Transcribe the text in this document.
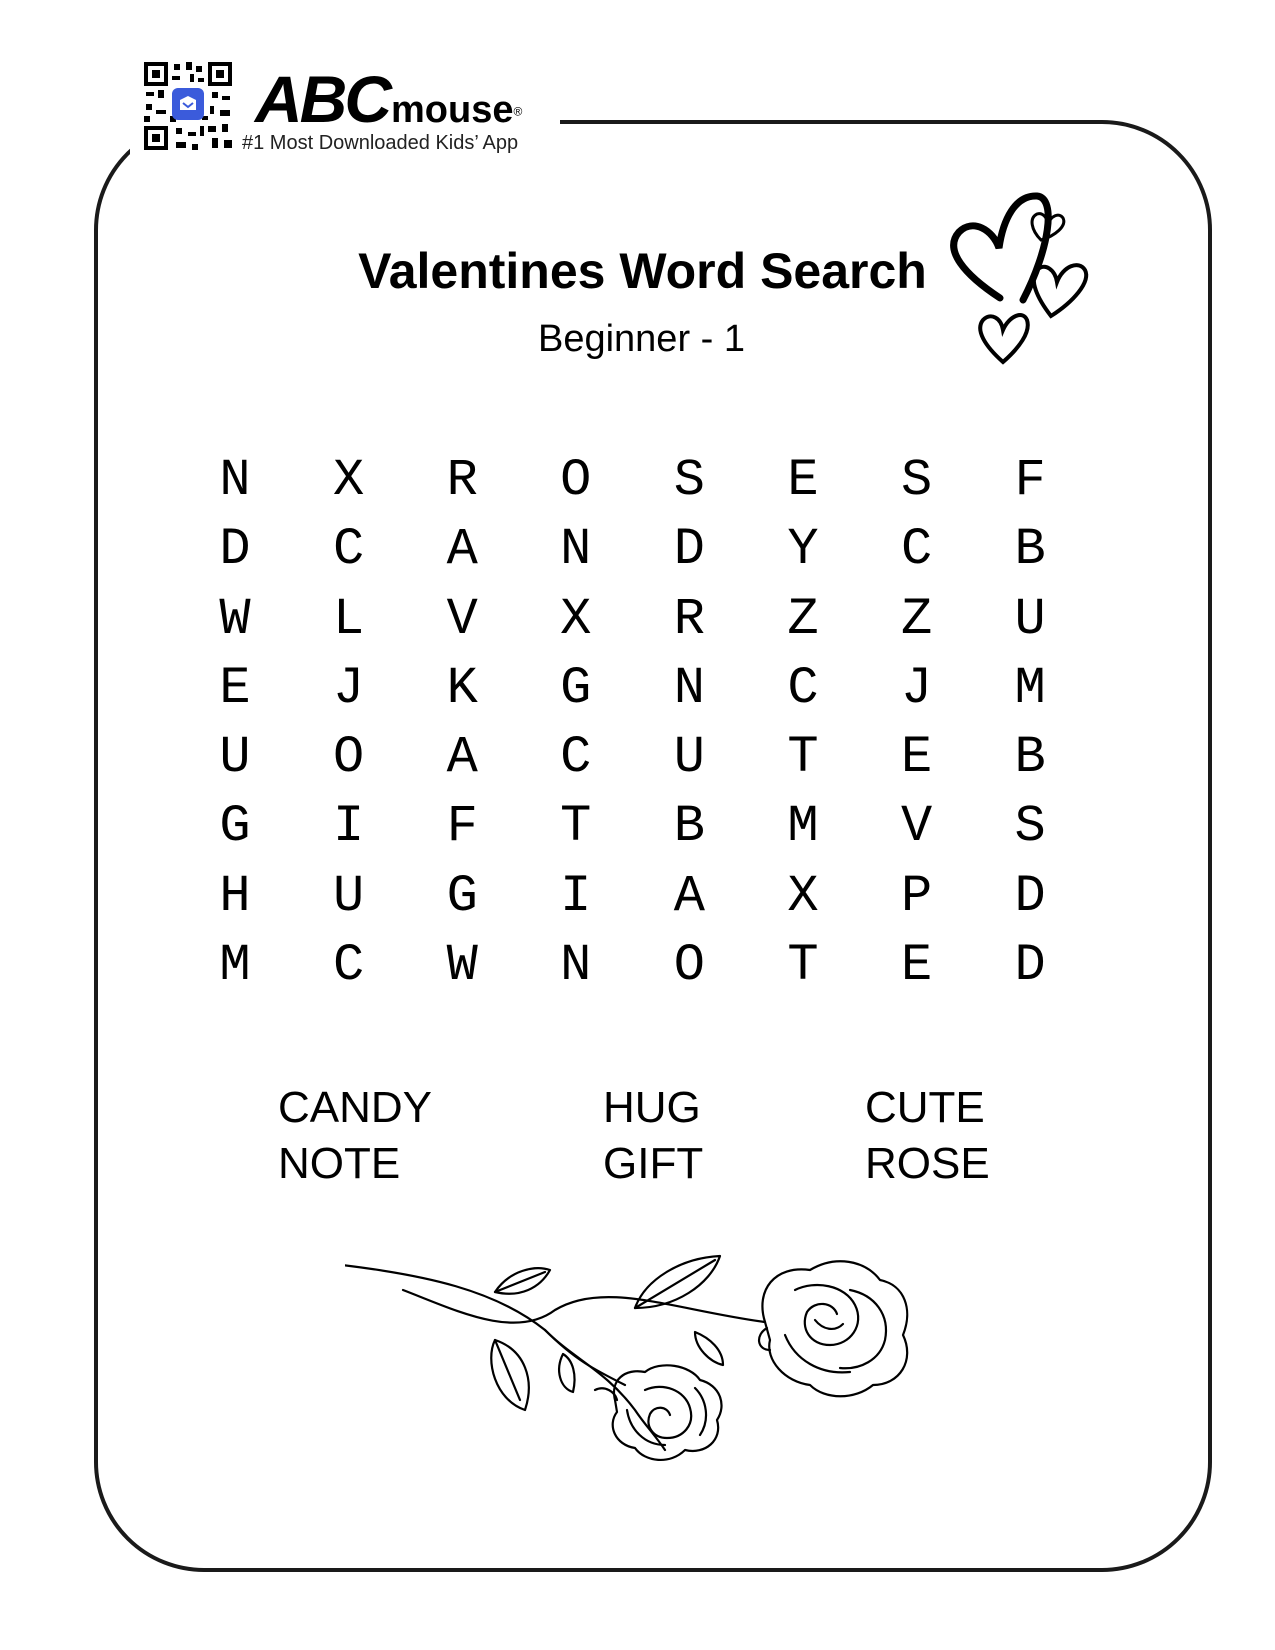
ABCmouse®
#1 Most Downloaded Kids’ App
Valentines Word Search
Beginner - 1
N	X	R	O	S	E	S	F
D	C	A	N	D	Y	C	B
W	L	V	X	R	Z	Z	U
E	J	K	G	N	C	J	M
U	O	A	C	U	T	E	B
G	I	F	T	B	M	V	S
H	U	G	I	A	X	P	D
M	C	W	N	O	T	E	D
CANDY	HUG	CUTE
NOTE	GIFT	ROSE
